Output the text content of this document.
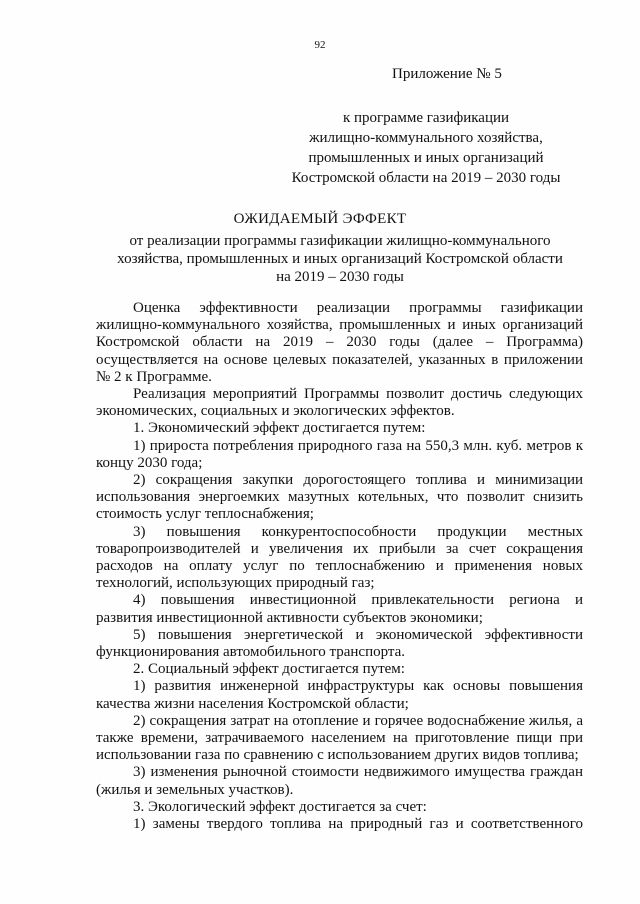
92
Приложение № 5
к программе газификации
жилищно-коммунального хозяйства,
промышленных и иных организаций
Костромской области на 2019 – 2030 годы
ОЖИДАЕМЫЙ ЭФФЕКТ
от реализации программы газификации жилищно-коммунального
хозяйства, промышленных и иных организаций Костромской области
на 2019 – 2030 годы

Оценка эффективности реализации программы газификации жилищно-коммунального хозяйства, промышленных и иных организаций Костромской области на 2019 – 2030 годы (далее – Программа) осуществляется на основе целевых показателей, указанных в приложении № 2 к Программе.

Реализация мероприятий Программы позволит достичь следующих экономических, социальных и экологических эффектов.

1. Экономический эффект достигается путем:

1) прироста потребления природного газа на 550,3 млн. куб. метров к концу 2030 года;

2) сокращения закупки дорогостоящего топлива и минимизации использования энергоемких мазутных котельных, что позволит снизить стоимость услуг теплоснабжения;

3) повышения конкурентоспособности продукции местных товаропроизводителей и увеличения их прибыли за счет сокращения расходов на оплату услуг по теплоснабжению и применения новых технологий, использующих природный газ;

4) повышения инвестиционной привлекательности региона и развития инвестиционной активности субъектов экономики;

5) повышения энергетической и экономической эффективности функционирования автомобильного транспорта.

2. Социальный эффект достигается путем:

1) развития инженерной инфраструктуры как основы повышения качества жизни населения Костромской области;

2) сокращения затрат на отопление и горячее водоснабжение жилья, а также времени, затрачиваемого населением на приготовление пищи при использовании газа по сравнению с использованием других видов топлива;

3) изменения рыночной стоимости недвижимого имущества граждан (жилья и земельных участков).

3. Экологический эффект достигается за счет:

1) замены твердого топлива на природный газ и соответственного
